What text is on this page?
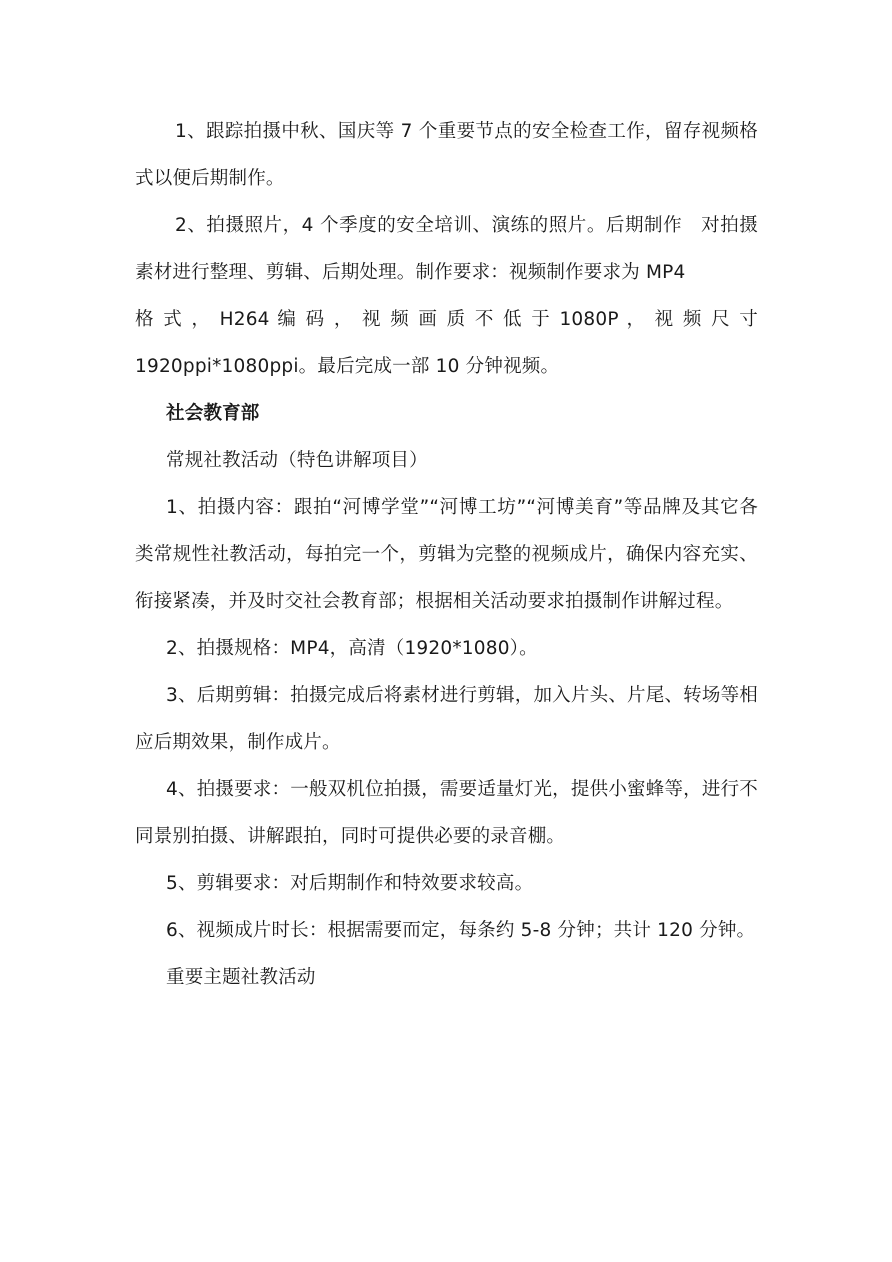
1、跟踪拍摄中秋、国庆等 7 个重要节点的安全检查工作，留存视频格式以便后期制作。

2、拍摄照片，4 个季度的安全培训、演练的照片。后期制作　对拍摄素材进行整理、剪辑、后期处理。制作要求：视频制作要求为 MP4

格 式 ， H264 编 码 ， 视 频 画 质 不 低 于 1080P ， 视 频 尺 寸

1920ppi*1080ppi。最后完成一部 10 分钟视频。

社会教育部

常规社教活动（特色讲解项目）

1、拍摄内容：跟拍“河博学堂”“河博工坊”“河博美育”等品牌及其它各类常规性社教活动，每拍完一个，剪辑为完整的视频成片，确保内容充实、衔接紧凑，并及时交社会教育部；根据相关活动要求拍摄制作讲解过程。

2、拍摄规格：MP4，高清（1920*1080）。

3、后期剪辑：拍摄完成后将素材进行剪辑，加入片头、片尾、转场等相应后期效果，制作成片。

4、拍摄要求：一般双机位拍摄，需要适量灯光，提供小蜜蜂等，进行不同景别拍摄、讲解跟拍，同时可提供必要的录音棚。

5、剪辑要求：对后期制作和特效要求较高。

6、视频成片时长：根据需要而定，每条约 5-8 分钟；共计 120 分钟。

重要主题社教活动
